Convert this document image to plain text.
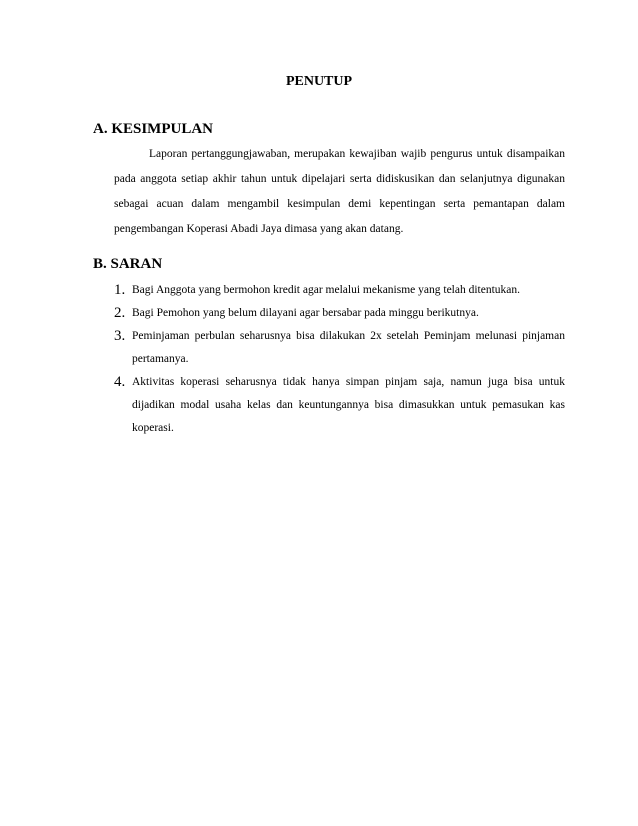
PENUTUP
A. KESIMPULAN
Laporan pertanggungjawaban, merupakan kewajiban wajib pengurus untuk disampaikan pada anggota setiap akhir tahun untuk dipelajari serta didiskusikan dan selanjutnya digunakan sebagai acuan dalam mengambil kesimpulan demi kepentingan serta pemantapan dalam pengembangan Koperasi Abadi Jaya dimasa yang akan datang.
B. SARAN
1. Bagi Anggota yang bermohon kredit agar melalui mekanisme yang telah ditentukan.
2. Bagi Pemohon yang belum dilayani agar bersabar pada minggu berikutnya.
3. Peminjaman perbulan seharusnya bisa dilakukan 2x setelah Peminjam melunasi pinjaman pertamanya.
4. Aktivitas koperasi seharusnya tidak hanya simpan pinjam saja, namun juga bisa untuk dijadikan modal usaha kelas dan keuntungannya bisa dimasukkan untuk pemasukan kas koperasi.
